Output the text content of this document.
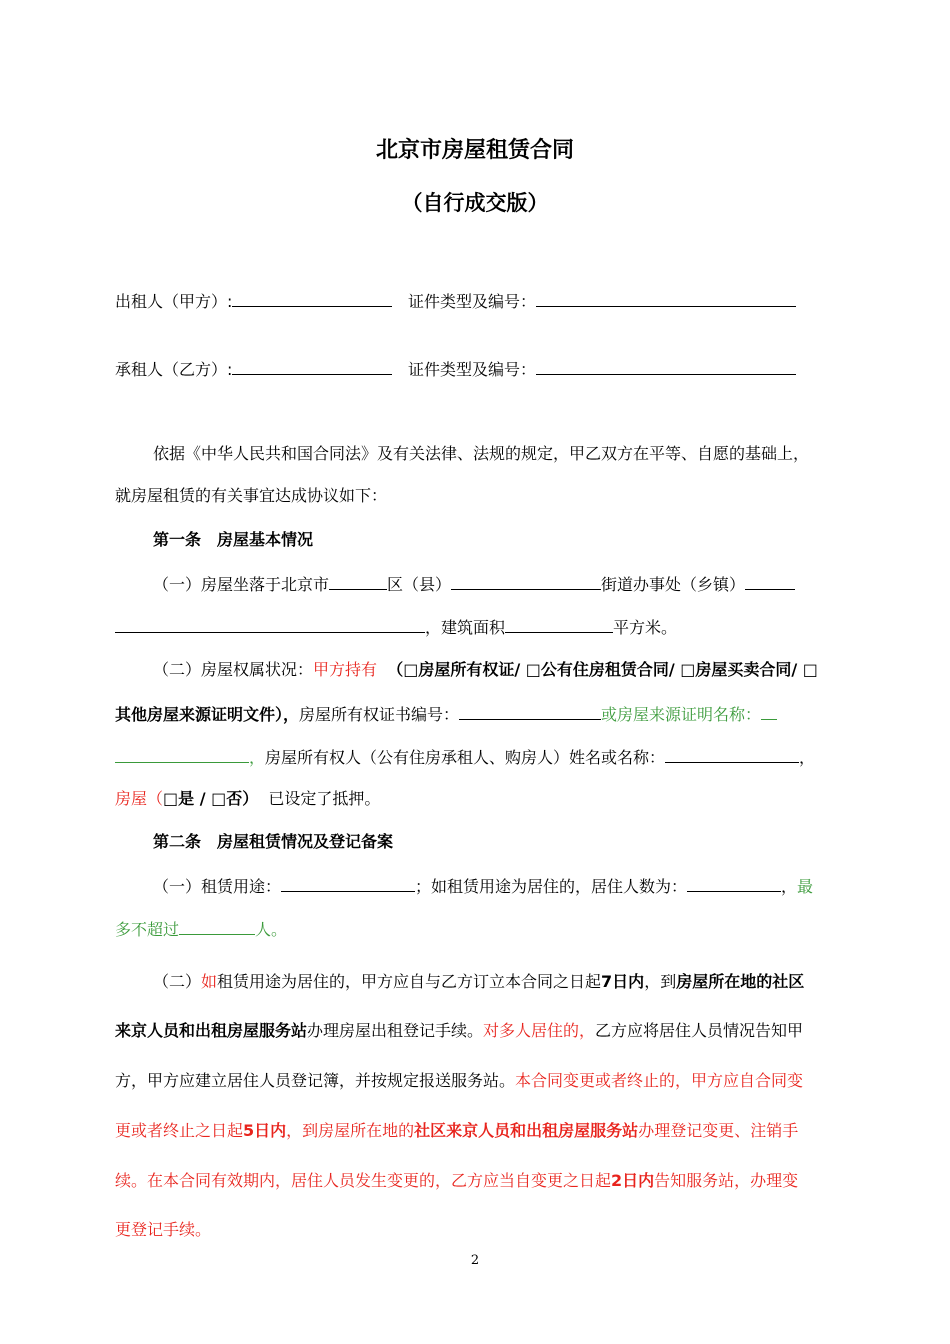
北京市房屋租赁合同
（自行成交版）
出租人（甲方）:	证件类型及编号：
承租人（乙方）:	证件类型及编号：
依据《中华人民共和国合同法》及有关法律、法规的规定，甲乙双方在平等、自愿的基础上，
就房屋租赁的有关事宜达成协议如下：
第一条　房屋基本情况
（一）房屋坐落于北京市	区（县）	街道办事处（乡镇）
，建筑面积	平方米。
（二）房屋权属状况：甲方持有 （□房屋所有权证/ □公有住房租赁合同/ □房屋买卖合同/ □
其他房屋来源证明文件），房屋所有权证书编号：	或房屋来源证明名称：
，房屋所有权人（公有住房承租人、购房人）姓名或名称：	，
房屋（□是 / □否） 已设定了抵押。
第二条　房屋租赁情况及登记备案
（一）租赁用途：	；如租赁用途为居住的，居住人数为：	，最
多不超过	人。
（二）如租赁用途为居住的，甲方应自与乙方订立本合同之日起7日内，到房屋所在地的社区
来京人员和出租房屋服务站办理房屋出租登记手续。对多人居住的，乙方应将居住人员情况告知甲
方，甲方应建立居住人员登记簿，并按规定报送服务站。本合同变更或者终止的，甲方应自合同变
更或者终止之日起5日内，到房屋所在地的社区来京人员和出租房屋服务站办理登记变更、注销手
续。在本合同有效期内，居住人员发生变更的，乙方应当自变更之日起2日内告知服务站，办理变
更登记手续。
2
